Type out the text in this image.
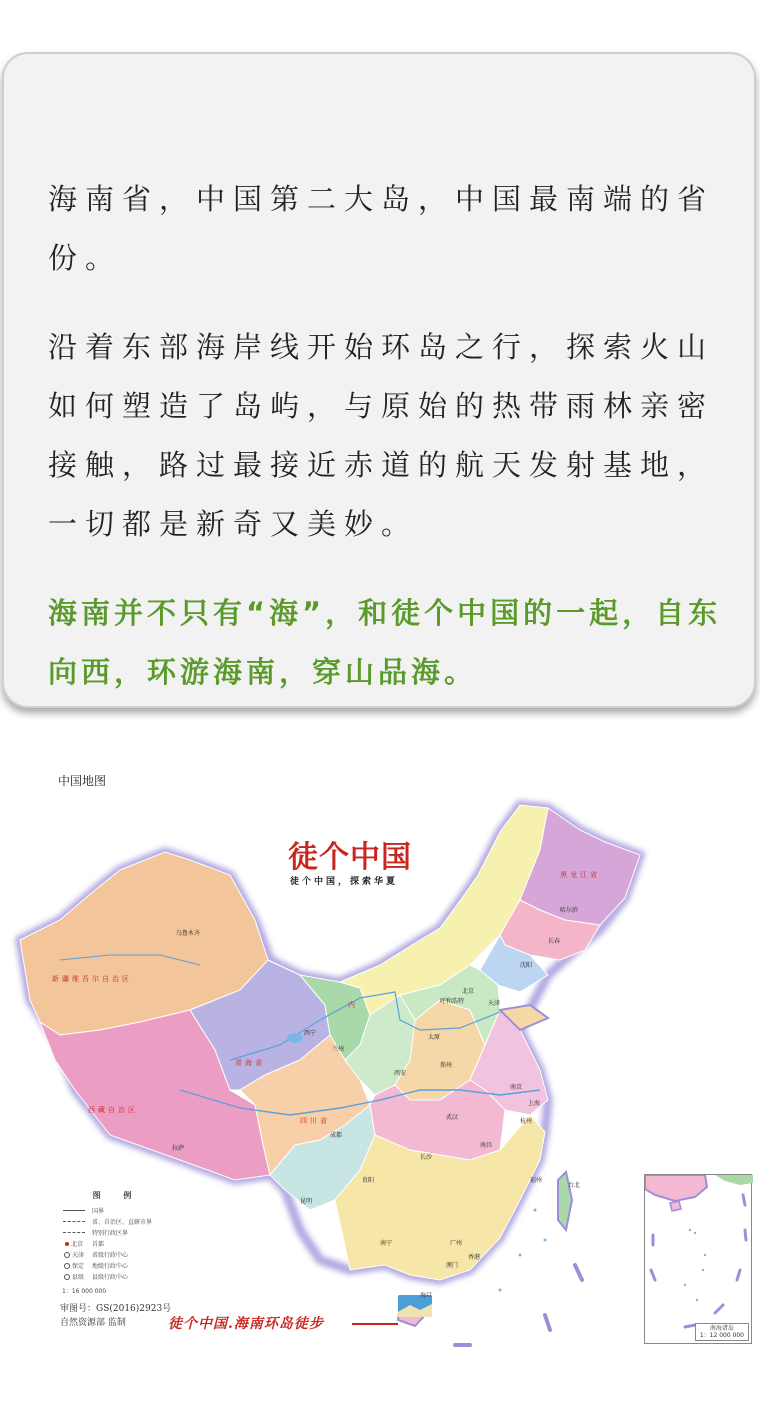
海南省，中国第二大岛，中国最南端的省份。

沿着东部海岸线开始环岛之行，探索火山如何塑造了岛屿，与原始的热带雨林亲密接触，路过最接近赤道的航天发射基地，一切都是新奇又美妙。

海南并不只有“海”，和徒个中国的一起，自东向西，环游海南，穿山品海。

中国地图
徒个中国
徒个中国，探索华夏
新疆维吾尔自治区
西藏自治区
青海省
内
黑龙江省
四川省
乌鲁木齐
拉萨
西宁
兰州
成都
西安
北京
天津
上海
武汉
广州
南宁
昆明
海口
哈尔滨
长春
沈阳
呼和浩特
太原
郑州
南京
杭州
福州
台北
贵阳
长沙
南昌
香港
澳门
图 例
国界
省、自治区、直辖市界
特别行政区界

北京 首都

天津 省级行政中心

保定 地级行政中心

县级 县级行政中心
1：16 000 000
审图号：GS(2016)2923号
自然资源部 监制	徒个中国.海南环岛徒步	南海诸岛
1：12 000 000
